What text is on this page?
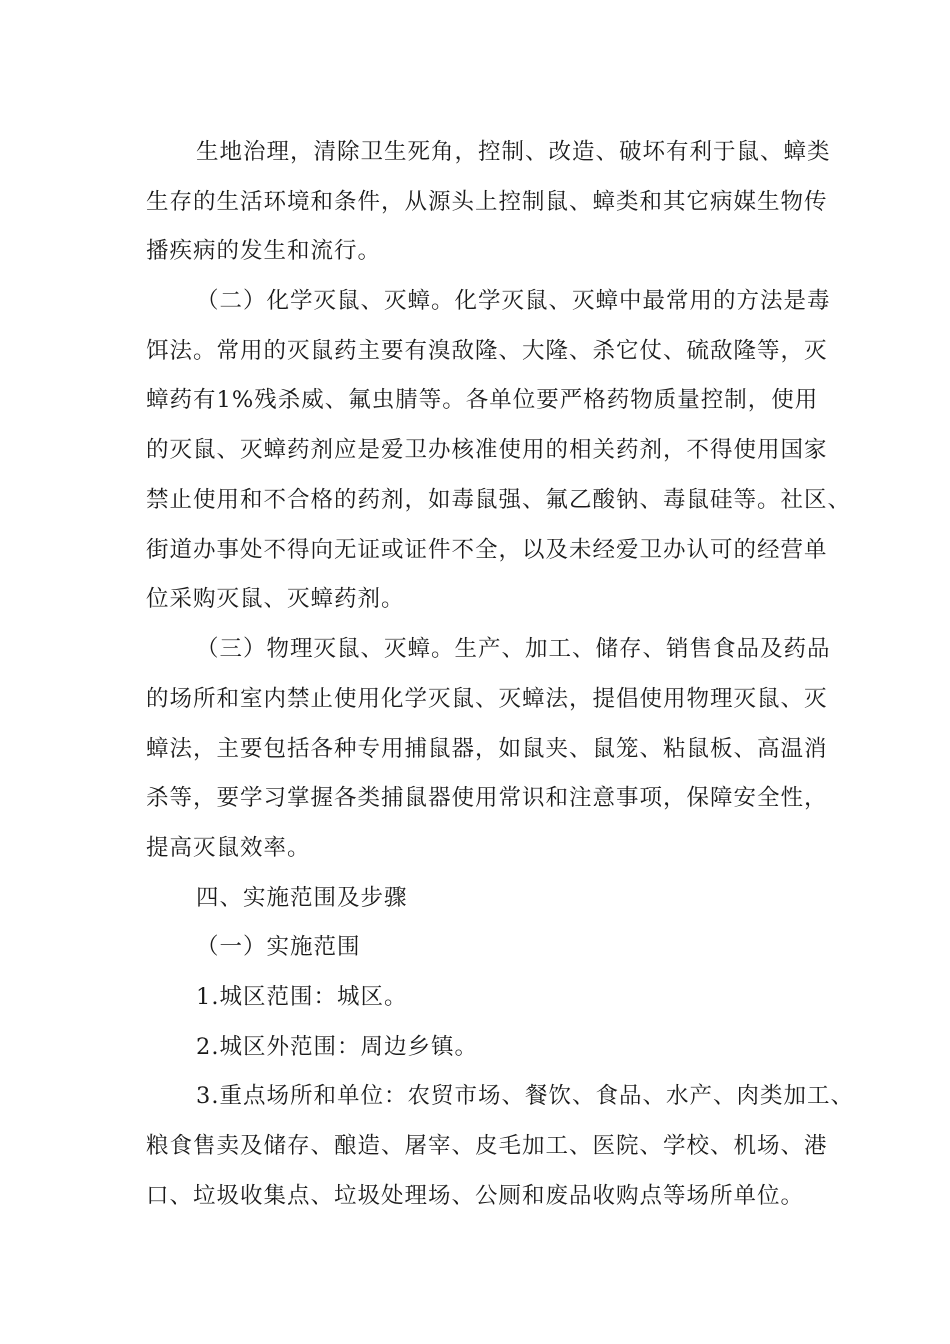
生地治理，清除卫生死角，控制、改造、破坏有利于鼠、蟑类
生存的生活环境和条件，从源头上控制鼠、蟑类和其它病媒生物传
播疾病的发生和流行。
（二）化学灭鼠、灭蟑。化学灭鼠、灭蟑中最常用的方法是毒
饵法。常用的灭鼠药主要有溴敌隆、大隆、杀它仗、硫敌隆等，灭
蟑药有1%残杀威、氟虫腈等。各单位要严格药物质量控制，使用
的灭鼠、灭蟑药剂应是爱卫办核准使用的相关药剂，不得使用国家
禁止使用和不合格的药剂，如毒鼠强、氟乙酸钠、毒鼠硅等。社区、
街道办事处不得向无证或证件不全，以及未经爱卫办认可的经营单
位采购灭鼠、灭蟑药剂。
（三）物理灭鼠、灭蟑。生产、加工、储存、销售食品及药品
的场所和室内禁止使用化学灭鼠、灭蟑法，提倡使用物理灭鼠、灭
蟑法，主要包括各种专用捕鼠器，如鼠夹、鼠笼、粘鼠板、高温消
杀等，要学习掌握各类捕鼠器使用常识和注意事项，保障安全性，
提高灭鼠效率。
四、实施范围及步骤
（一）实施范围
1.城区范围：城区。
2.城区外范围：周边乡镇。
3.重点场所和单位：农贸市场、餐饮、食品、水产、肉类加工、
粮食售卖及储存、酿造、屠宰、皮毛加工、医院、学校、机场、港
口、垃圾收集点、垃圾处理场、公厕和废品收购点等场所单位。
